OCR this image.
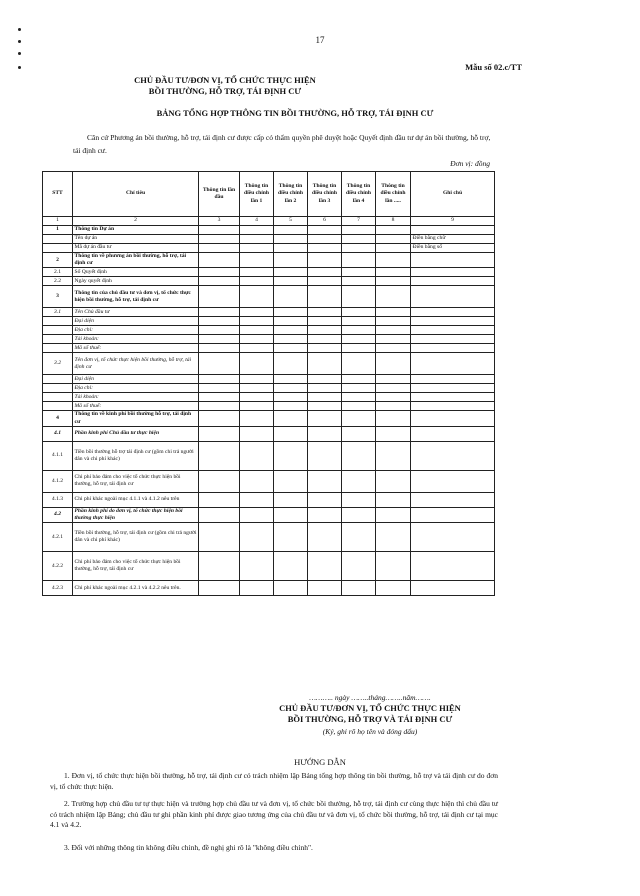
17
Mẫu số 02.c/TT
CHỦ ĐẦU TƯ/ĐƠN VỊ, TỔ CHỨC THỰC HIỆN
BỒI THƯỜNG, HỖ TRỢ, TÁI ĐỊNH CƯ
BẢNG TỔNG HỢP THÔNG TIN BỒI THƯỜNG, HỖ TRỢ, TÁI ĐỊNH CƯ
Căn cứ Phương án bồi thường, hỗ trợ, tái định cư được cấp có thẩm quyền phê duyệt hoặc Quyết định đầu tư dự án bồi thường, hỗ trợ, tái định cư.
Đơn vị: đồng
STT	Chỉ tiêu	Thông tin lần đầu	Thông tin điều chỉnh lần 1	Thông tin điều chỉnh lần 2	Thông tin điều chỉnh lần 3	Thông tin điều chỉnh lần 4	Thông tin điều chỉnh lần .....	Ghi chú
1	2	3	4	5	6	7	8	9
1	Thông tin Dự án							
	Tên dự án							Điền bằng chữ
	Mã dự án đầu tư							Điền bằng số
2	Thông tin về phương án bồi thường, hỗ trợ, tái định cư							
2.1	Số Quyết định							
2.2	Ngày quyết định							
3	Thông tin của chủ đầu tư và đơn vị, tổ chức thực hiện bồi thường, hỗ trợ, tái định cư							
3.1	Tên Chủ đầu tư							
	Đại diện							
	Địa chỉ:							
	Tài khoản:							
	Mã số thuế:							
3.2	Tên đơn vị, tổ chức thực hiện bồi thường, hỗ trợ, tái định cư							
	Đại diện							
	Địa chỉ:							
	Tài khoản:							
	Mã số thuế:							
4	Thông tin về kinh phí bồi thường hỗ trợ, tái định cư							
4.1	Phần kinh phí Chủ đầu tư thực hiện							
4.1.1	Tiền bồi thường hỗ trợ tái định cư (gồm chi trả người dân và chi phí khác)							
4.1.2	Chi phí bảo đảm cho việc tổ chức thực hiện bồi thường, hỗ trợ, tái định cư							
4.1.3	Chi phí khác ngoài mục 4.1.1 và 4.1.2 nêu trên							
4.2	Phần kinh phí do đơn vị, tổ chức thực hiện bồi thường thực hiện							
4.2.1	Tiền bồi thường, hỗ trợ, tái định cư (gồm chi trả người dân và chi phí khác)							
4.2.2	Chi phí bảo đảm cho việc tổ chức thực hiện bồi thường, hỗ trợ, tái định cư							
4.2.3	Chi phí khác ngoài mục 4.2.1 và 4.2.2 nêu trên.							
……….. ngày ……..tháng……..năm…….
CHỦ ĐẦU TƯ/ĐƠN VỊ, TỔ CHỨC THỰC HIỆN
BỒI THƯỜNG, HỖ TRỢ VÀ TÁI ĐỊNH CƯ
(Ký, ghi rõ họ tên và đóng dấu)
HƯỚNG DẪN
1. Đơn vị, tổ chức thực hiện bồi thường, hỗ trợ, tái định cư có trách nhiệm lập Bảng tổng hợp thông tin bồi thường, hỗ trợ và tái định cư do đơn vị, tổ chức thực hiện.
2. Trường hợp chủ đầu tư tự thực hiện và trường hợp chủ đầu tư và đơn vị, tổ chức bồi thường, hỗ trợ, tái định cư cùng thực hiện thì chủ đầu tư có trách nhiệm lập Bảng; chủ đầu tư ghi phần kinh phí được giao tương ứng của chủ đầu tư và đơn vị, tổ chức bồi thường, hỗ trợ, tái định cư tại mục 4.1 và 4.2.
3. Đối với những thông tin không điều chỉnh, đề nghị ghi rõ là "không điều chỉnh".
